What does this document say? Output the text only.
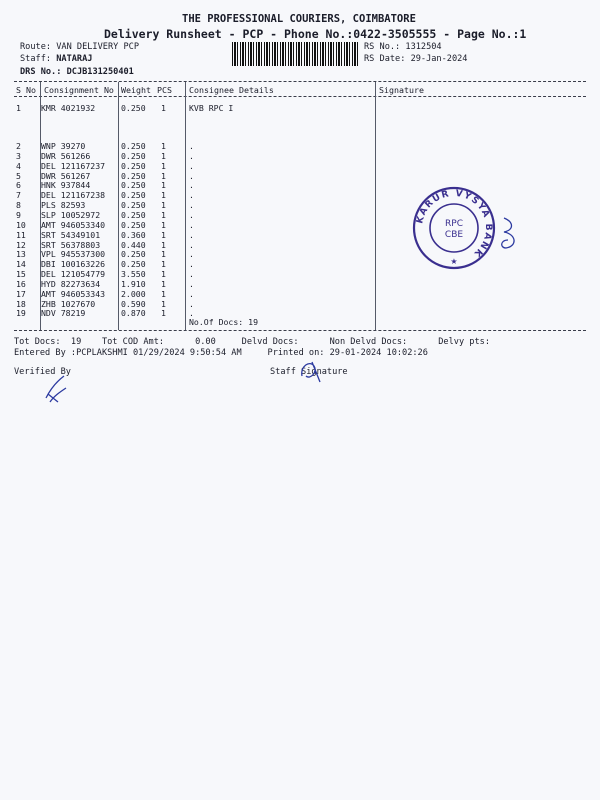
THE PROFESSIONAL COURIERS, COIMBATORE
Delivery Runsheet - PCP - Phone No.:0422-3505555 - Page No.:1
Route: VAN DELIVERY PCP
Staff: NATARAJ
DRS No.: DCJB131250401
RS No.: 1312504
RS Date: 29-Jan-2024
S No Consignment No Weight PCS Consignee Details	Signature
1 KMR 4021932	0.250 1	KVB RPC I
2 WNP 39270	0.250 1	.
3 DWR 561266	0.250 1	.
4 DEL 121167237 0.250 1	.
5 DWR 561267	0.250 1	.
6 HNK 937844	0.250 1	.
7 DEL 121167238 0.250 1	.
8 PLS 82593	0.250 1	.
9 SLP 10052972	0.250 1	.
10 AMT 946053340 0.250 1	.
11 SRT 54349101	0.360 1	.
12 SRT 56378803	0.440 1	.
13 VPL 945537300 0.250 1	.
14 DBI 100163226 0.250 1	.
15 DEL 121054779 3.550 1	.
16 HYD 82273634	1.910 1	.
17 AMT 946053343 2.000 1	.
18 ZHB 1027670	0.590 1	.
19 NDV 78219	0.870 1	.
No.Of Docs: 19
Tot Docs:  19    Tot COD Amt:      0.00     Delvd Docs:      Non Delvd Docs:      Delvy pts:
Entered By :PCPLAKSHMI 01/29/2024 9:50:54 AM     Printed on: 29-01-2024 10:02:26
Verified By	Staff Signature
KARUR VYSYA BANK
RPC
CBE
★
